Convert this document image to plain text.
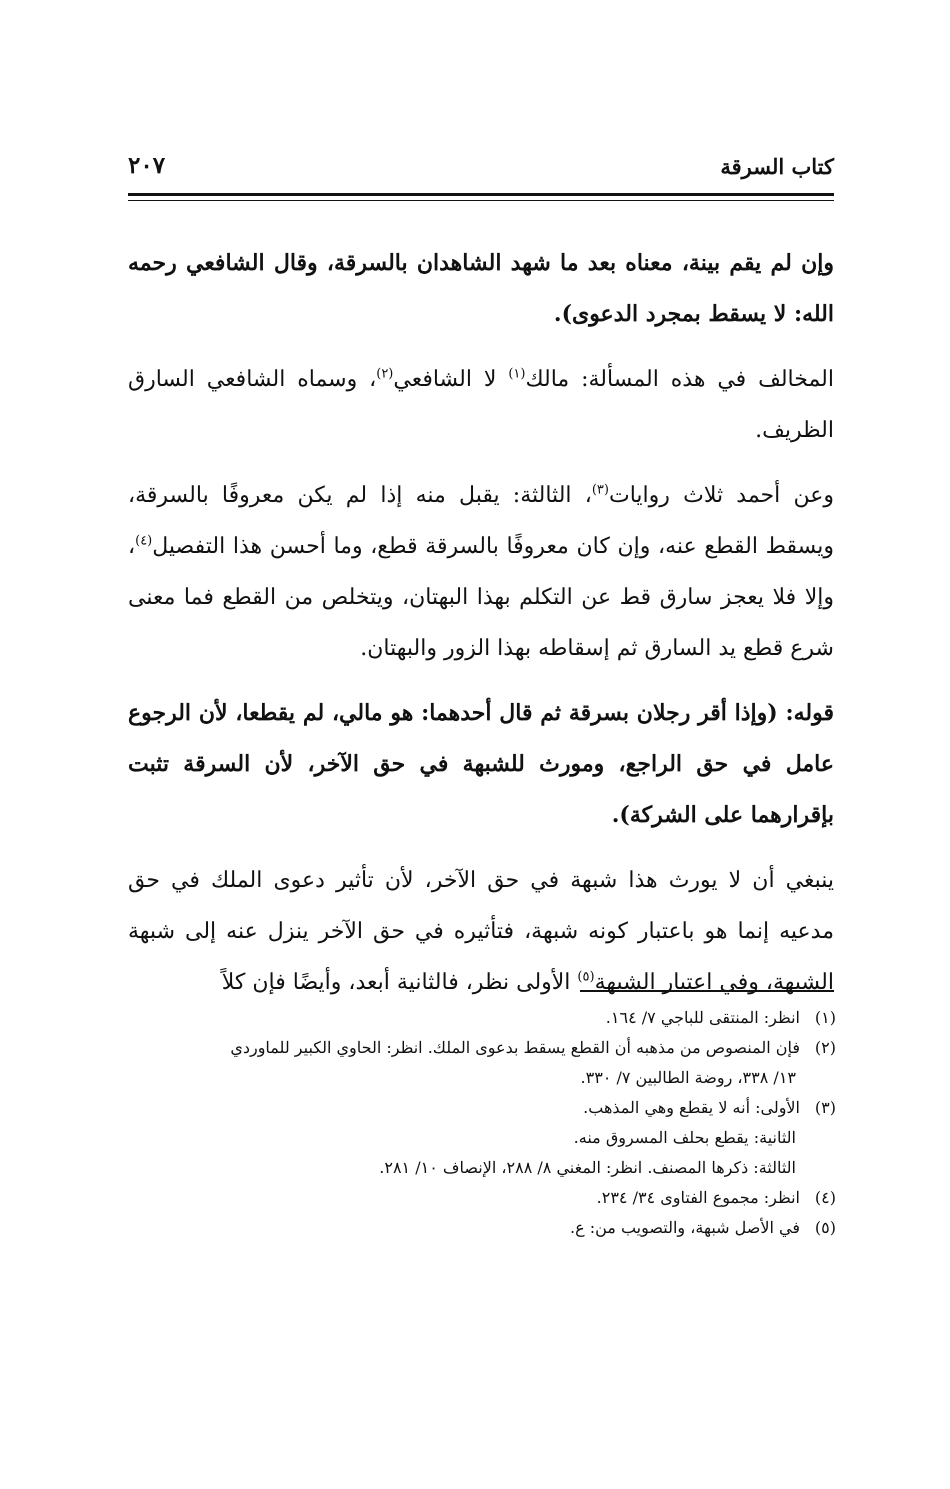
كتاب السرقة
٢٠٧

وإن لم يقم بينة، معناه بعد ما شهد الشاهدان بالسرقة، وقال الشافعي رحمه الله: لا يسقط بمجرد الدعوى).

المخالف في هذه المسألة: مالك$^{(١)}$ لا الشافعي$^{(٢)}$، وسماه الشافعي السارق الظريف.

وعن أحمد ثلاث روايات$^{(٣)}$، الثالثة: يقبل منه إذا لم يكن معروفًا بالسرقة، ويسقط القطع عنه، وإن كان معروفًا بالسرقة قطع، وما أحسن هذا التفصيل$^{(٤)}$، وإلا فلا يعجز سارق قط عن التكلم بهذا البهتان، ويتخلص من القطع فما معنى شرع قطع يد السارق ثم إسقاطه بهذا الزور والبهتان.

قوله: (وإذا أقر رجلان بسرقة ثم قال أحدهما: هو مالي، لم يقطعا، لأن الرجوع عامل في حق الراجع، ومورث للشبهة في حق الآخر، لأن السرقة تثبت بإقرارهما على الشركة).

ينبغي أن لا يورث هذا شبهة في حق الآخر، لأن تأثير دعوى الملك في حق مدعيه إنما هو باعتبار كونه شبهة، فتأثيره في حق الآخر ينزل عنه إلى شبهة الشبهة، وفي اعتبار الشبهة$^{(٥)}$ الأولى نظر، فالثانية أبعد، وأيضًا فإن كلاً

(١)انظر: المنتقى للباجي ٧/ ١٦٤.

(٢)فإن المنصوص من مذهبه أن القطع يسقط بدعوى الملك. انظر: الحاوي الكبير للماوردي

١٣/ ٣٣٨، روضة الطالبين ٧/ ٣٣٠.

(٣)الأولى: أنه لا يقطع وهي المذهب.

الثانية: يقطع بحلف المسروق منه.

الثالثة: ذكرها المصنف. انظر: المغني ٨/ ٢٨٨، الإنصاف ١٠/ ٢٨١.

(٤)انظر: مجموع الفتاوى ٣٤/ ٢٣٤.

(٥)في الأصل شبهة، والتصويب من: ع.
